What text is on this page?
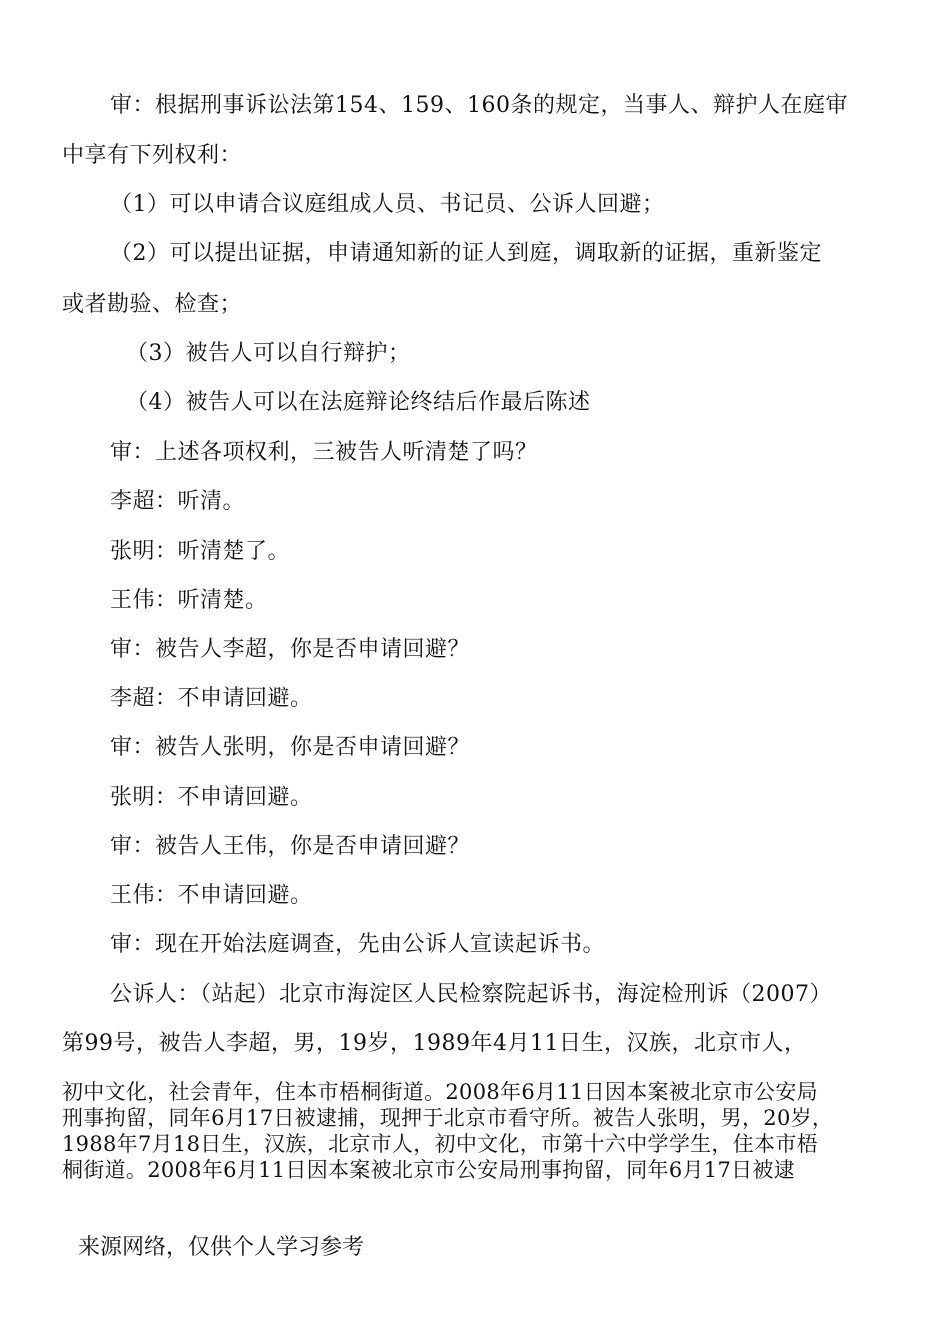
审：根据刑事诉讼法第154、159、160条的规定，当事人、辩护人在庭审
中享有下列权利：
（1）可以申请合议庭组成人员、书记员、公诉人回避；
（2）可以提出证据，申请通知新的证人到庭，调取新的证据，重新鉴定
或者勘验、检查；
（3）被告人可以自行辩护；
（4）被告人可以在法庭辩论终结后作最后陈述
审：上述各项权利，三被告人听清楚了吗？
李超：听清。
张明：听清楚了。
王伟：听清楚。
审：被告人李超，你是否申请回避？
李超：不申请回避。
审：被告人张明，你是否申请回避？
张明：不申请回避。
审：被告人王伟，你是否申请回避？
王伟：不申请回避。
审：现在开始法庭调查，先由公诉人宣读起诉书。
公诉人：（站起）北京市海淀区人民检察院起诉书，海淀检刑诉（2007）
第99号，被告人李超，男，19岁，1989年4月11日生，汉族，北京市人，
初中文化，社会青年，住本市梧桐街道。2008年6月11日因本案被北京市公安局
刑事拘留，同年6月17日被逮捕，现押于北京市看守所。被告人张明，男，20岁，
1988年7月18日生，汉族，北京市人，初中文化，市第十六中学学生，住本市梧
桐街道。2008年6月11日因本案被北京市公安局刑事拘留，同年6月17日被逮
来源网络，仅供个人学习参考
